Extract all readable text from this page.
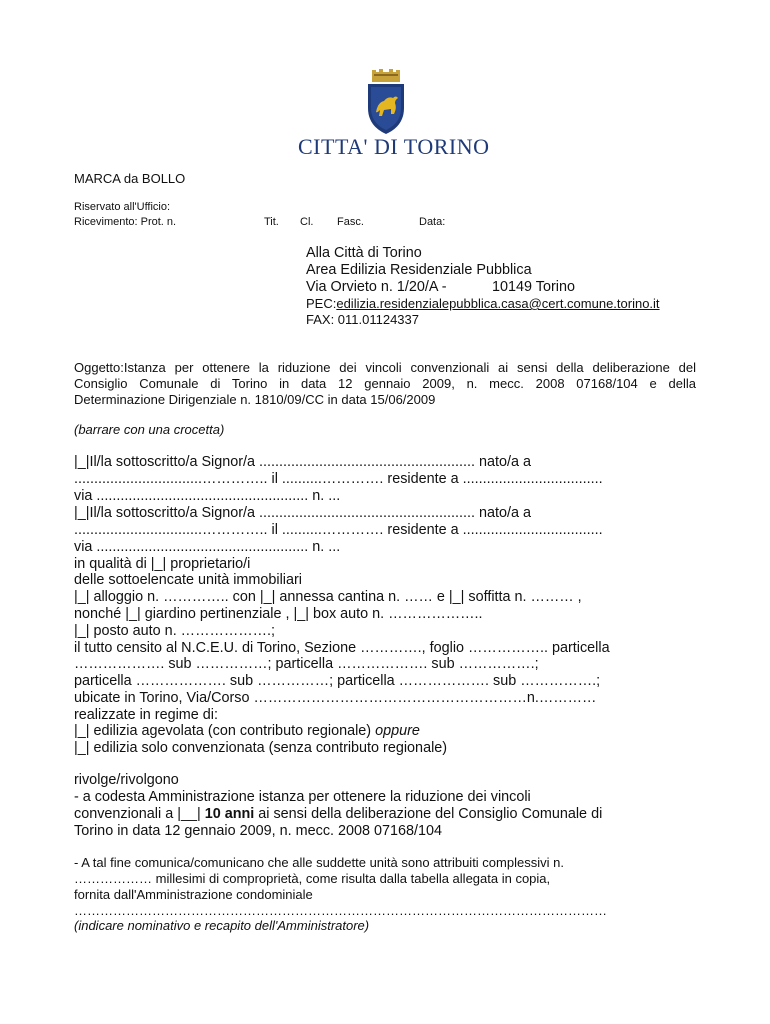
CITTA' DI TORINO
MARCA da BOLLO
Riservato all'Ufficio:
Ricevimento: Prot. n.	Tit. Cl. Fasc.	Data:
Alla Città di Torino
Area Edilizia Residenziale Pubblica
Via Orvieto n. 1/20/A -	10149 Torino
PEC:edilizia.residenzialepubblica.casa@cert.comune.torino.it
FAX: 011.01124337
Oggetto:Istanza per ottenere la riduzione dei vincoli convenzionali ai sensi della deliberazione del
Consiglio Comunale di Torino in data 12 gennaio 2009, n. mecc. 2008 07168/104 e della
Determinazione Dirigenziale n. 1810/09/CC in data 15/06/2009
(barrare con una crocetta)
|_|Il/la sottoscritto/a Signor/a ...................................................... nato/a a
................................………….. il ..........…………. residente a ...................................
via ..................................................... n. ...
|_|Il/la sottoscritto/a Signor/a ...................................................... nato/a a
................................………….. il ..........…………. residente a ...................................
via ..................................................... n. ...
in qualità di |_| proprietario/i
delle sottoelencate unità immobiliari
|_| alloggio n. ………….. con |_| annessa cantina n. …… e |_| soffitta n. ……… ,
nonché |_| giardino pertinenziale , |_| box auto n. ………………..
|_| posto auto n. ……………….;
il tutto censito al N.C.E.U. di Torino, Sezione …………., foglio …………….. particella
………………. sub ……………; particella ………………. sub …………….;
particella ………………. sub ……………; particella ………………. sub …………….;
ubicate in Torino, Via/Corso …………………………………………………n.…………
realizzate in regime di:
|_| edilizia agevolata (con contributo regionale) oppure
|_| edilizia solo convenzionata (senza contributo regionale)
rivolge/rivolgono
- a codesta Amministrazione istanza per ottenere la riduzione dei vincoli
convenzionali a |__| 10 anni ai sensi della deliberazione del Consiglio Comunale di
Torino in data 12 gennaio 2009, n. mecc. 2008 07168/104
- A tal fine comunica/comunicano che alle suddette unità sono attribuiti complessivi n.
……………… millesimi di comproprietà, come risulta dalla tabella allegata in copia,
fornita dall'Amministrazione condominiale
……………………………………………………………………………………………………………
(indicare nominativo e recapito dell'Amministratore)
